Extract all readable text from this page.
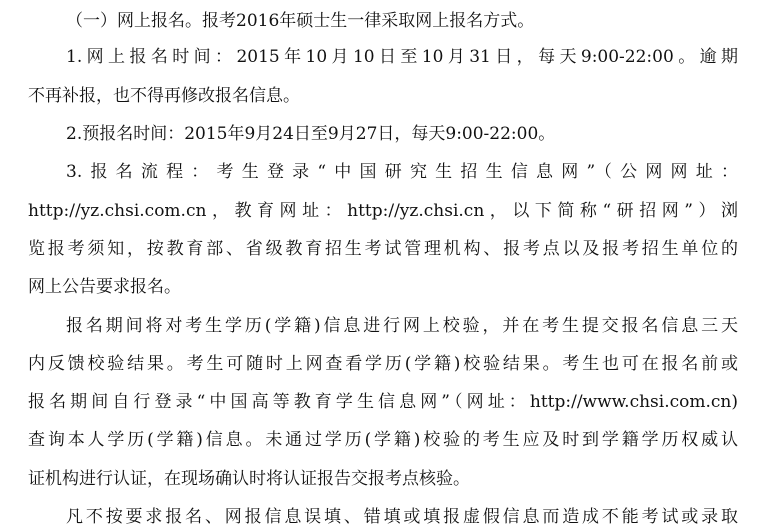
（一）网上报名。报考2016年硕士生一律采取网上报名方式。
1.网上报名时间：2015年10月10日至10月31日，每天9:00-22:00。逾期
不再补报，也不得再修改报名信息。
2.预报名时间：2015年9月24日至9月27日，每天9:00-22:00。
3.报名流程：考生登录“中国研究生招生信息网”（公网网址：
http://yz.chsi.com.cn，教育网址：http://yz.chsi.cn，以下简称“研招网”）浏
览报考须知，按教育部、省级教育招生考试管理机构、报考点以及报考招生单位的
网上公告要求报名。
报名期间将对考生学历(学籍)信息进行网上校验，并在考生提交报名信息三天
内反馈校验结果。考生可随时上网查看学历(学籍)校验结果。考生也可在报名前或
报名期间自行登录“中国高等教育学生信息网”（网址：http://www.chsi.com.cn)
查询本人学历(学籍)信息。未通过学历(学籍)校验的考生应及时到学籍学历权威认
证机构进行认证，在现场确认时将认证报告交报考点核验。
凡不按要求报名、网报信息误填、错填或填报虚假信息而造成不能考试或录取
